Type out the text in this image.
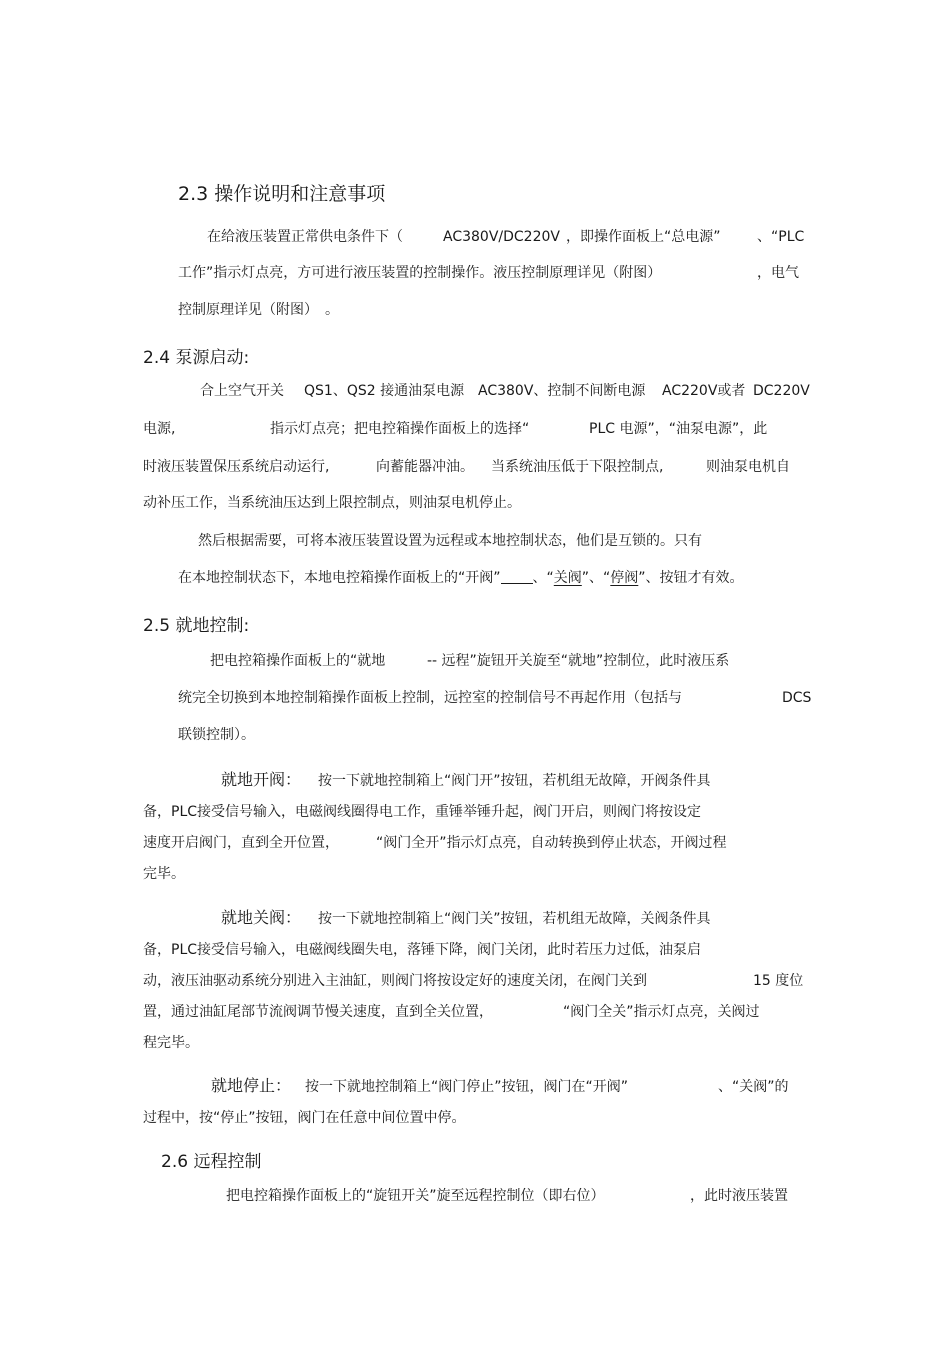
2.3 操作说明和注意事项
在给液压装置正常供电条件下（	AC380V/DC220V ，即操作面板上“总电源”	、“PLC
工作”指示灯点亮，方可进行液压装置的控制操作。液压控制原理详见（附图）	，电气
控制原理详见（附图）　。
2.4 泵源启动:
合上空气开关 QS1、QS2 接通油泵电源 AC380V、控制不间断电源 AC220V或者 DC220V
电源,	指示灯点亮；把电控箱操作面板上的选择“	PLC 电源”，“油泵电源”，此
时液压装置保压系统启动运行,	向蓄能器冲油。 当系统油压低于下限控制点,	则油泵电机自
动补压工作，当系统油压达到上限控制点，则油泵电机停止。
然后根据需要，可将本液压装置设置为远程或本地控制状态，他们是互锁的。只有
在本地控制状态下，本地电控箱操作面板上的“开阀” 、“关阀”、“停阀”、按钮才有效。
2.5 就地控制:
把电控箱操作面板上的“就地	-- 远程”旋钮开关旋至“就地”控制位，此时液压系
统完全切换到本地控制箱操作面板上控制，远控室的控制信号不再起作用（包括与	DCS
联锁控制）。
就地开阀： 按一下就地控制箱上“阀门开”按钮，若机组无故障，开阀条件具
备，PLC接受信号输入，电磁阀线圈得电工作，重锤举锤升起，阀门开启，则阀门将按设定
速度开启阀门，直到全开位置，	“阀门全开”指示灯点亮，自动转换到停止状态，开阀过程
完毕。
就地关阀： 按一下就地控制箱上“阀门关”按钮，若机组无故障，关阀条件具
备，PLC接受信号输入，电磁阀线圈失电，落锤下降，阀门关闭，此时若压力过低，油泵启
动，液压油驱动系统分别进入主油缸，则阀门将按设定好的速度关闭，在阀门关到	15 度位
置，通过油缸尾部节流阀调节慢关速度，直到全关位置，	“阀门全关”指示灯点亮，关阀过
程完毕。
就地停止： 按一下就地控制箱上“阀门停止”按钮，阀门在“开阀”	、“关阀”的
过程中，按“停止”按钮，阀门在任意中间位置中停。
2.6 远程控制
把电控箱操作面板上的“旋钮开关”旋至远程控制位（即右位）	，此时液压装置
